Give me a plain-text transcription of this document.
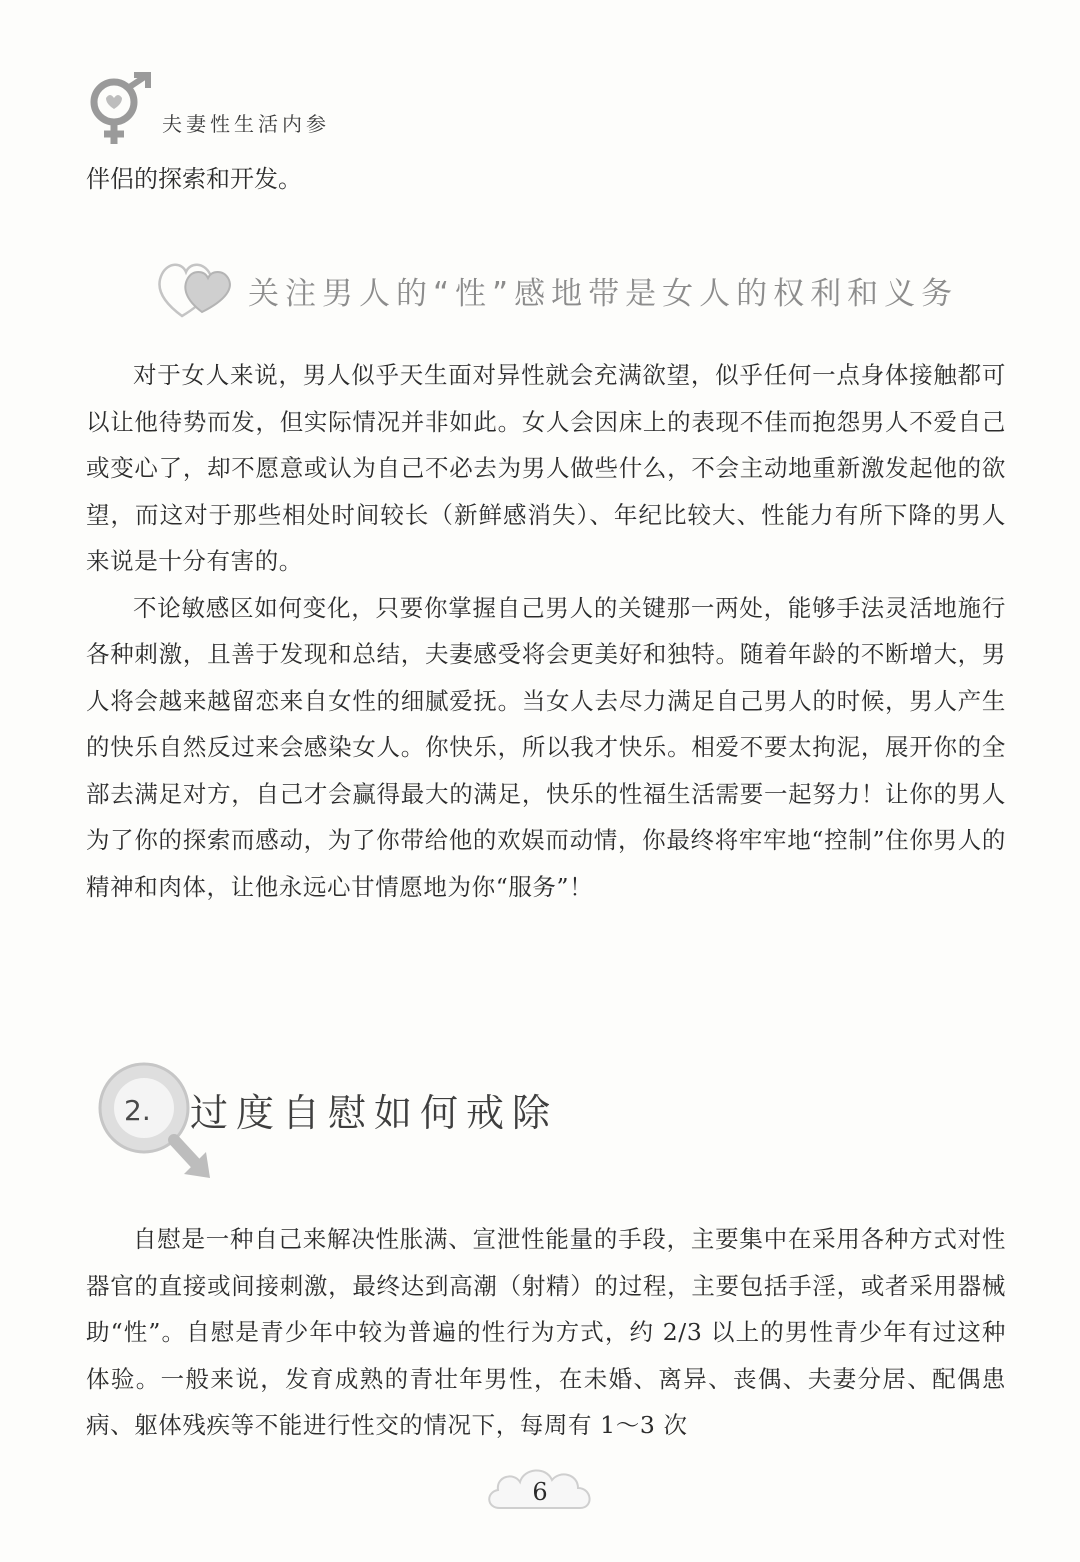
夫妻性生活内参
伴侣的探索和开发。
关注男人的“性”感地带是女人的权利和义务

对于女人来说，男人似乎天生面对异性就会充满欲望，似乎任何一点身体接触都可以让他待势而发，但实际情况并非如此。女人会因床上的表现不佳而抱怨男人不爱自己或变心了，却不愿意或认为自己不必去为男人做些什么，不会主动地重新激发起他的欲望，而这对于那些相处时间较长（新鲜感消失）、年纪比较大、性能力有所下降的男人来说是十分有害的。

不论敏感区如何变化，只要你掌握自己男人的关键那一两处，能够手法灵活地施行各种刺激，且善于发现和总结，夫妻感受将会更美好和独特。随着年龄的不断增大，男人将会越来越留恋来自女性的细腻爱抚。当女人去尽力满足自己男人的时候，男人产生的快乐自然反过来会感染女人。你快乐，所以我才快乐。相爱不要太拘泥，展开你的全部去满足对方，自己才会赢得最大的满足，快乐的性福生活需要一起努力！让你的男人为了你的探索而感动，为了你带给他的欢娱而动情，你最终将牢牢地“控制”住你男人的精神和肉体，让他永远心甘情愿地为你“服务”！

2. 过度自慰如何戒除

自慰是一种自己来解决性胀满、宣泄性能量的手段，主要集中在采用各种方式对性器官的直接或间接刺激，最终达到高潮（射精）的过程，主要包括手淫，或者采用器械助“性”。自慰是青少年中较为普遍的性行为方式，约 2/3 以上的男性青少年有过这种体验。一般来说，发育成熟的青壮年男性，在未婚、离异、丧偶、夫妻分居、配偶患病、躯体残疾等不能进行性交的情况下，每周有 1～3 次

6
